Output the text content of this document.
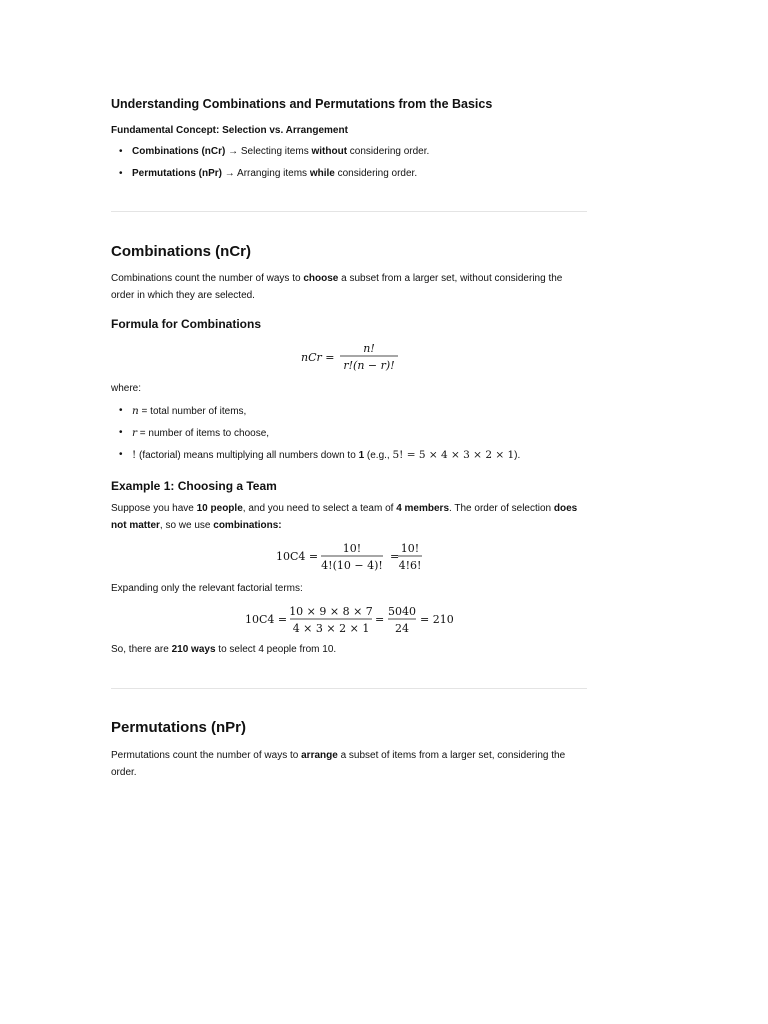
Understanding Combinations and Permutations from the Basics
Fundamental Concept: Selection vs. Arrangement
• Combinations (nCr) → Selecting items without considering order.
• Permutations (nPr) → Arranging items while considering order.
Combinations (nCr)
Combinations count the number of ways to choose a subset from a larger set, without considering the order in which they are selected.
Formula for Combinations
nCr =
n!
r!(n − r)!
where:
• n = total number of items,
• r = number of items to choose,
• ! (factorial) means multiplying all numbers down to 1 (e.g., 5! = 5 × 4 × 3 × 2 × 1).
Example 1: Choosing a Team
Suppose you have 10 people, and you need to select a team of 4 members. The order of selection does not matter, so we use combinations:
10C4 =
10!
4!(10 − 4)!
=
10!
4!6!
Expanding only the relevant factorial terms:
10C4 =
10 × 9 × 8 × 7
4 × 3 × 2 × 1
=
5040
24
= 210
So, there are 210 ways to select 4 people from 10.
Permutations (nPr)
Permutations count the number of ways to arrange a subset of items from a larger set, considering the order.
